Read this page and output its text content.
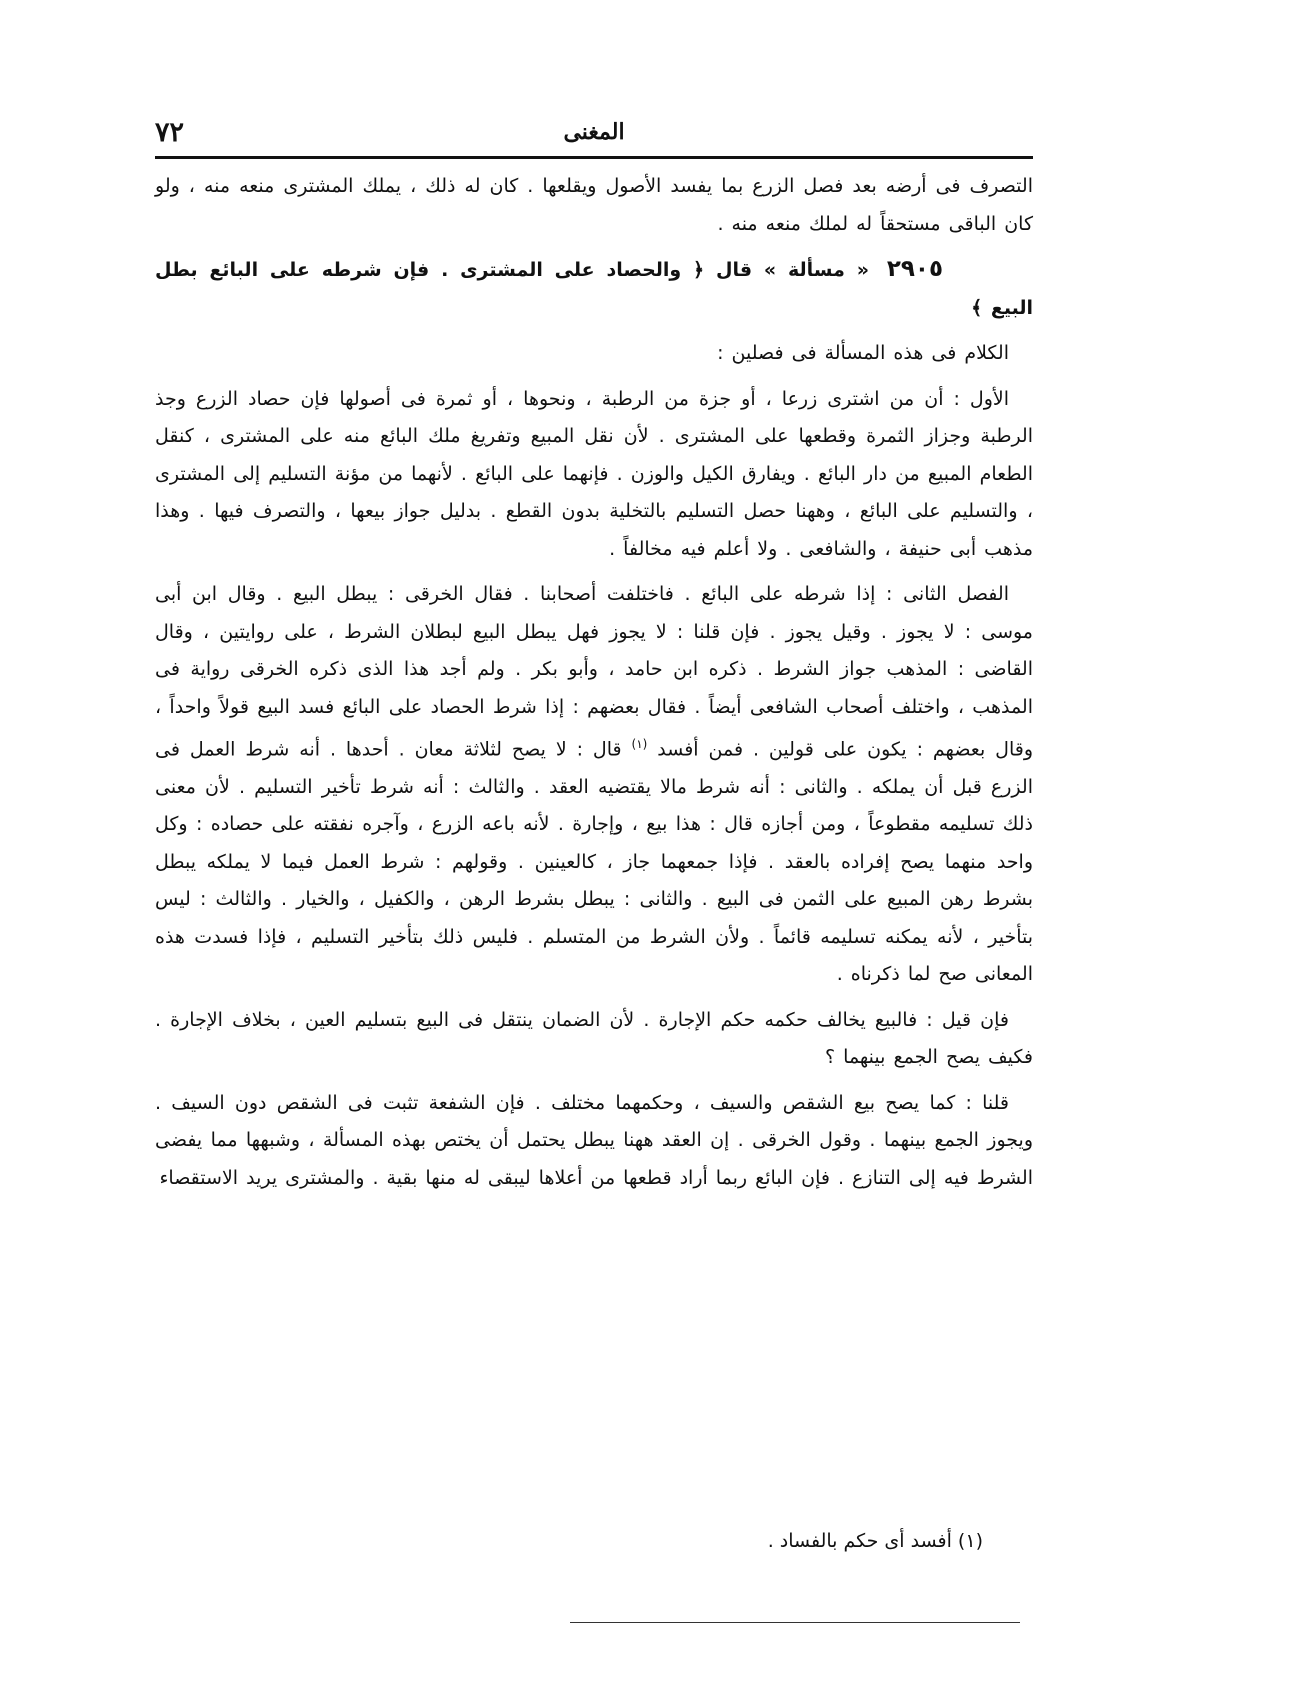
٧٢	المغنى

التصرف فى أرضه بعد فصل الزرع بما يفسد الأصول ويقلعها . كان له ذلك ، يملك المشترى منعه منه ، ولو كان الباقى مستحقاً له لملك منعه منه .

٢٩٠٥ « مسألة » قال ﴿ والحصاد على المشترى . فإن شرطه على البائع بطل البيع ﴾

الكلام فى هذه المسألة فى فصلين :

الأول : أن من اشترى زرعا ، أو جزة من الرطبة ، ونحوها ، أو ثمرة فى أصولها فإن حصاد الزرع وجذ الرطبة وجزاز الثمرة وقطعها على المشترى . لأن نقل المبيع وتفريغ ملك البائع منه على المشترى ، كنقل الطعام المبيع من دار البائع . ويفارق الكيل والوزن . فإنهما على البائع . لأنهما من مؤنة التسليم إلى المشترى ، والتسليم على البائع ، وههنا حصل التسليم بالتخلية بدون القطع . بدليل جواز بيعها ، والتصرف فيها . وهذا مذهب أبى حنيفة ، والشافعى . ولا أعلم فيه مخالفاً .

الفصل الثانى : إذا شرطه على البائع . فاختلفت أصحابنا . فقال الخرقى : يبطل البيع . وقال ابن أبى موسى : لا يجوز . وقيل يجوز . فإن قلنا : لا يجوز فهل يبطل البيع لبطلان الشرط ، على روايتين ، وقال القاضى : المذهب جواز الشرط . ذكره ابن حامد ، وأبو بكر . ولم أجد هذا الذى ذكره الخرقى رواية فى المذهب ، واختلف أصحاب الشافعى أيضاً . فقال بعضهم : إذا شرط الحصاد على البائع فسد البيع قولاً واحداً ، وقال بعضهم : يكون على قولين . فمن أفسد $^{(١)}$ قال : لا يصح لثلاثة معان . أحدها . أنه شرط العمل فى الزرع قبل أن يملكه . والثانى : أنه شرط مالا يقتضيه العقد . والثالث : أنه شرط تأخير التسليم . لأن معنى ذلك تسليمه مقطوعاً ، ومن أجازه قال : هذا بيع ، وإجارة . لأنه باعه الزرع ، وآجره نفقته على حصاده : وكل واحد منهما يصح إفراده بالعقد . فإذا جمعهما جاز ، كالعينين . وقولهم : شرط العمل فيما لا يملكه يبطل بشرط رهن المبيع على الثمن فى البيع . والثانى : يبطل بشرط الرهن ، والكفيل ، والخيار . والثالث : ليس بتأخير ، لأنه يمكنه تسليمه قائماً . ولأن الشرط من المتسلم . فليس ذلك بتأخير التسليم ، فإذا فسدت هذه المعانى صح لما ذكرناه .

فإن قيل : فالبيع يخالف حكمه حكم الإجارة . لأن الضمان ينتقل فى البيع بتسليم العين ، بخلاف الإجارة . فكيف يصح الجمع بينهما ؟

قلنا : كما يصح بيع الشقص والسيف ، وحكمهما مختلف . فإن الشفعة تثبت فى الشقص دون السيف . ويجوز الجمع بينهما . وقول الخرقى . إن العقد ههنا يبطل يحتمل أن يختص بهذه المسألة ، وشبهها مما يفضى الشرط فيه إلى التنازع . فإن البائع ربما أراد قطعها من أعلاها ليبقى له منها بقية . والمشترى يريد الاستقصاء

(١) أفسد أى حكم بالفساد .
